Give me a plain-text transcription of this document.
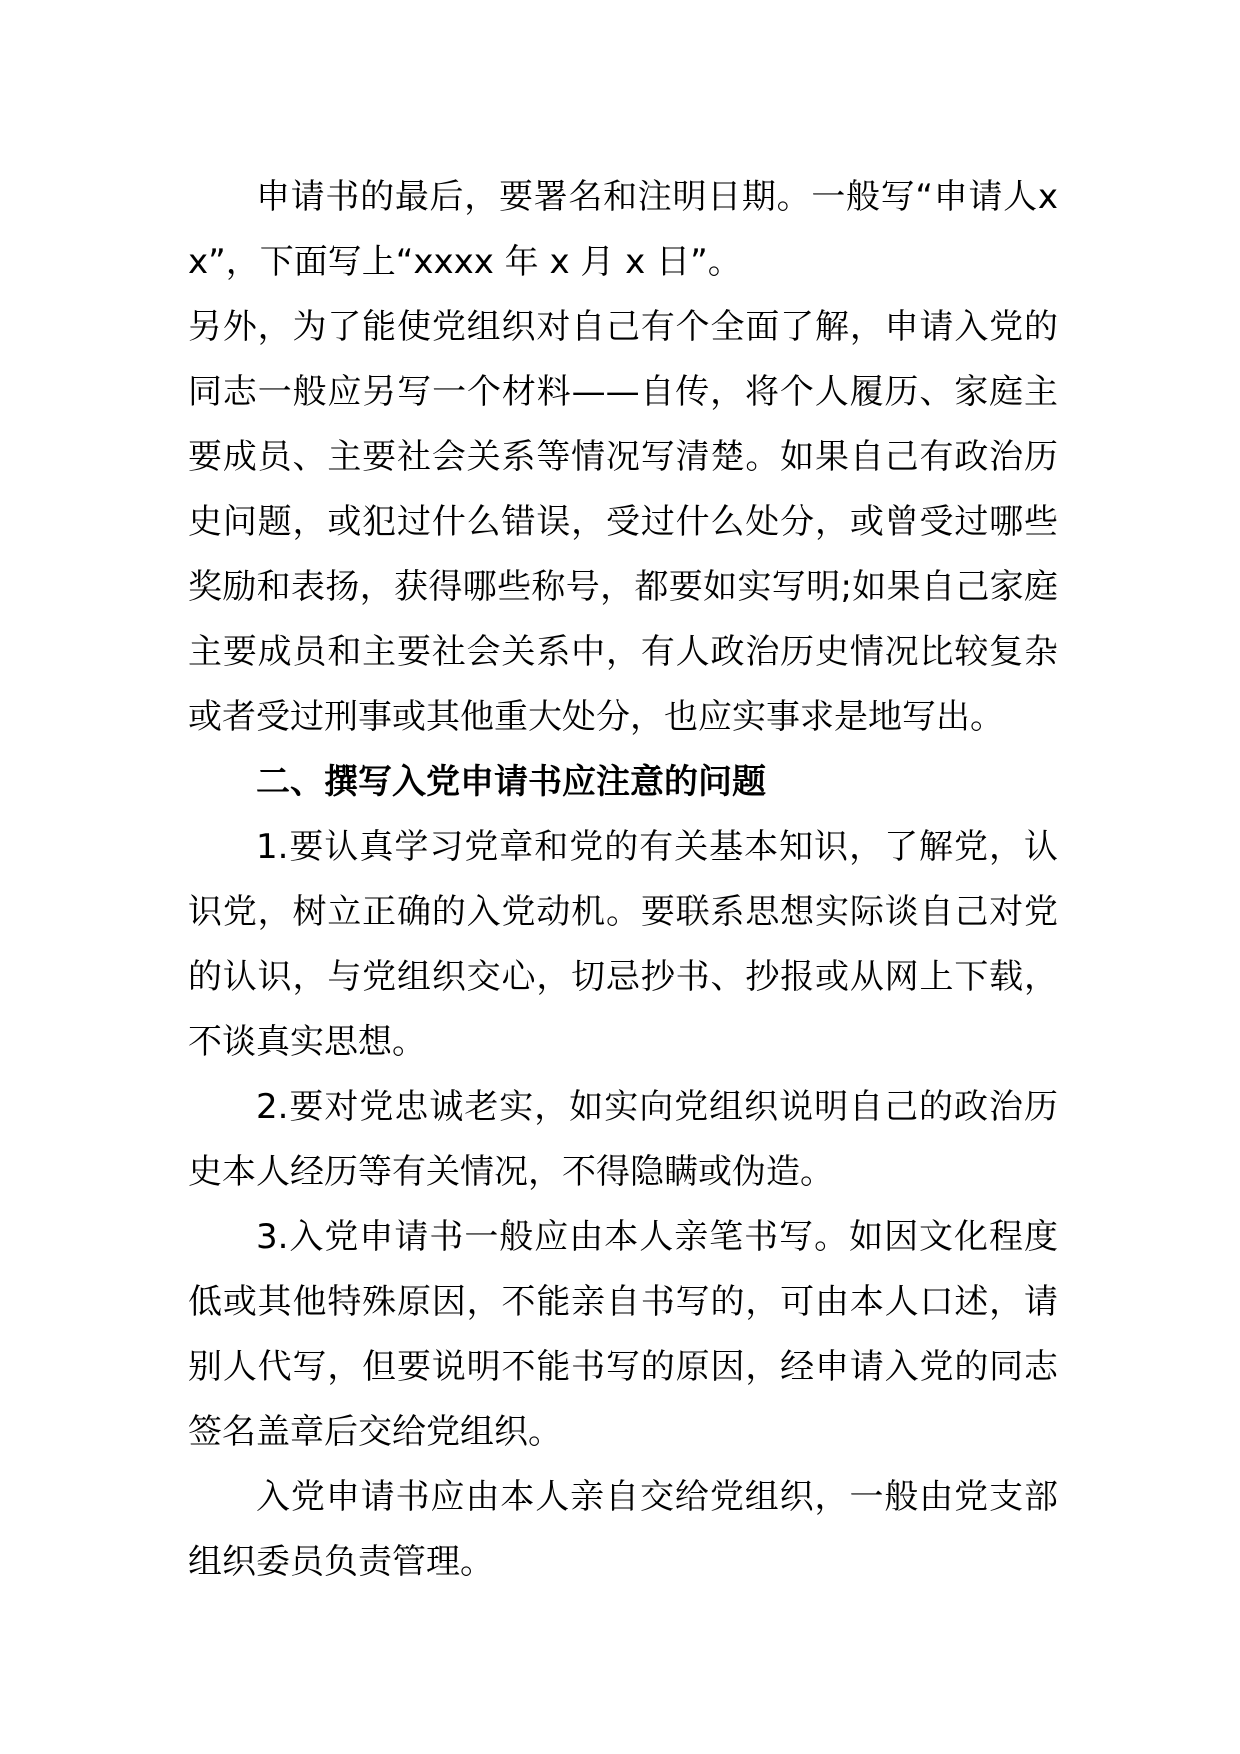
申请书的最后，要署名和注明日期。一般写“申请人xx”，下面写上“xxxx 年 x 月 x 日”。

另外，为了能使党组织对自己有个全面了解，申请入党的同志一般应另写一个材料——自传，将个人履历、家庭主要成员、主要社会关系等情况写清楚。如果自己有政治历史问题，或犯过什么错误，受过什么处分，或曾受过哪些奖励和表扬，获得哪些称号，都要如实写明;如果自己家庭主要成员和主要社会关系中，有人政治历史情况比较复杂或者受过刑事或其他重大处分，也应实事求是地写出。

二、撰写入党申请书应注意的问题

1.要认真学习党章和党的有关基本知识，了解党，认识党，树立正确的入党动机。要联系思想实际谈自己对党的认识，与党组织交心，切忌抄书、抄报或从网上下载，不谈真实思想。

2.要对党忠诚老实，如实向党组织说明自己的政治历史本人经历等有关情况，不得隐瞒或伪造。

3.入党申请书一般应由本人亲笔书写。如因文化程度低或其他特殊原因，不能亲自书写的，可由本人口述，请别人代写，但要说明不能书写的原因，经申请入党的同志签名盖章后交给党组织。

入党申请书应由本人亲自交给党组织，一般由党支部组织委员负责管理。
